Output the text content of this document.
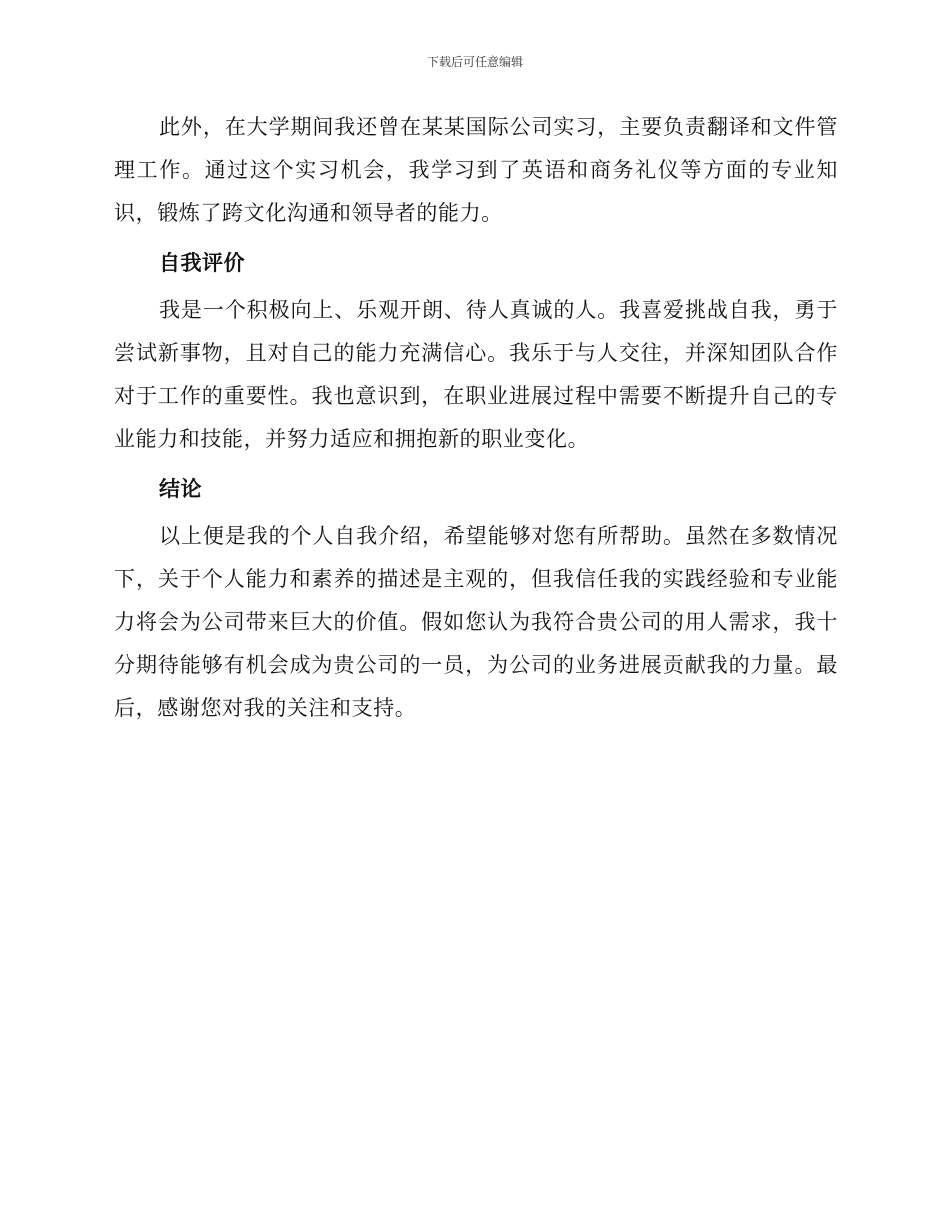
下载后可任意编辑

此外，在大学期间我还曾在某某国际公司实习，主要负责翻译和文件管理工作。通过这个实习机会，我学习到了英语和商务礼仪等方面的专业知识，锻炼了跨文化沟通和领导者的能力。

自我评价

我是一个积极向上、乐观开朗、待人真诚的人。我喜爱挑战自我，勇于尝试新事物，且对自己的能力充满信心。我乐于与人交往，并深知团队合作对于工作的重要性。我也意识到，在职业进展过程中需要不断提升自己的专业能力和技能，并努力适应和拥抱新的职业变化。

结论

以上便是我的个人自我介绍，希望能够对您有所帮助。虽然在多数情况下，关于个人能力和素养的描述是主观的，但我信任我的实践经验和专业能力将会为公司带来巨大的价值。假如您认为我符合贵公司的用人需求，我十分期待能够有机会成为贵公司的一员，为公司的业务进展贡献我的力量。最后，感谢您对我的关注和支持。
